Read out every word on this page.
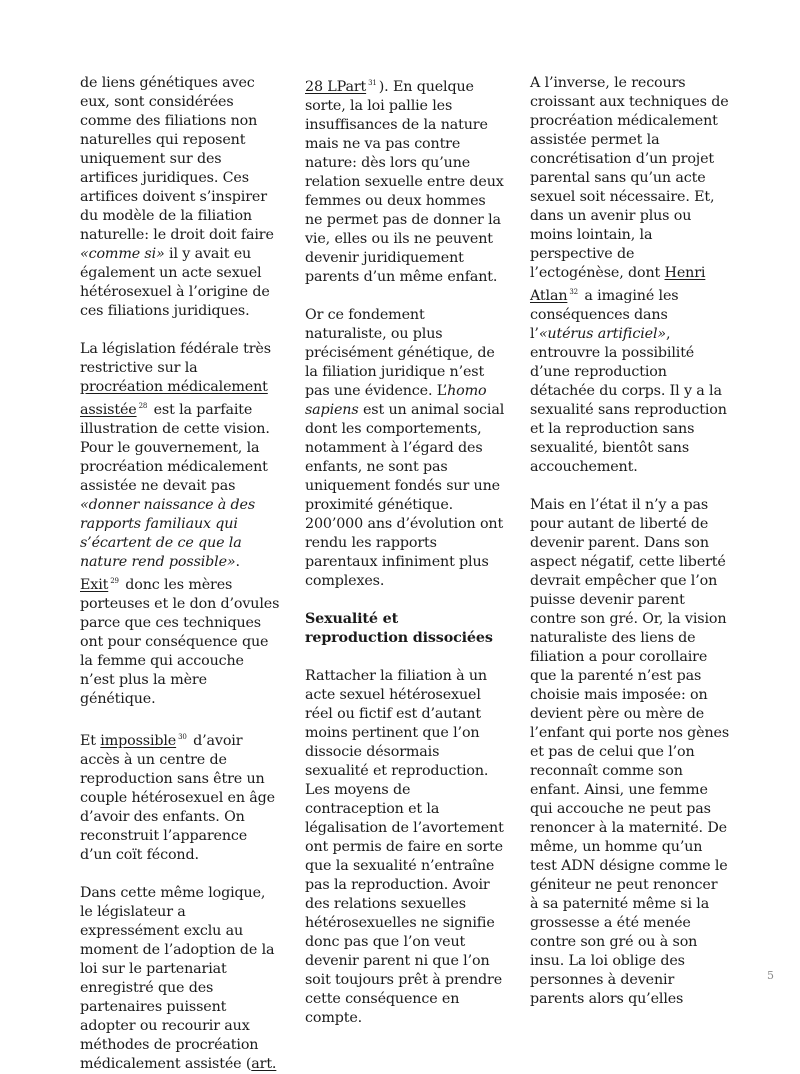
de liens génétiques avec eux, sont considérées comme des filiations non naturelles qui reposent uniquement sur des artifices juridiques. Ces artifices doivent s’inspirer du modèle de la filiation naturelle: le droit doit faire «comme si» il y avait eu également un acte sexuel hétérosexuel à l’origine de ces filiations juridiques.

La législation fédérale très restrictive sur la procréation médicalement assistée $^{28}$ est la parfaite illustration de cette vision. Pour le gouvernement, la procréation médicalement assistée ne devait pas «donner naissance à des rapports familiaux qui s’écartent de ce que la nature rend possible». Exit $^{29}$ donc les mères porteuses et le don d’ovules parce que ces techniques ont pour conséquence que la femme qui accouche n’est plus la mère génétique.

Et impossible $^{30}$ d’avoir accès à un centre de reproduction sans être un couple hétérosexuel en âge d’avoir des enfants. On reconstruit l’apparence d’un coït fécond.

Dans cette même logique, le législateur a expressément exclu au moment de l’adoption de la loi sur le partenariat enregistré que des partenaires puissent adopter ou recourir aux méthodes de procréation médicalement assistée (art.

28 LPart $^{31}$ ). En quelque sorte, la loi pallie les insuffisances de la nature mais ne va pas contre nature: dès lors qu’une relation sexuelle entre deux femmes ou deux hommes ne permet pas de donner la vie, elles ou ils ne peuvent devenir juridiquement parents d’un même enfant.

Or ce fondement naturaliste, ou plus précisément génétique, de la filiation juridique n’est pas une évidence. L’homo sapiens est un animal social dont les comportements, notamment à l’égard des enfants, ne sont pas uniquement fondés sur une proximité génétique. 200’000 ans d’évolution ont rendu les rapports parentaux infiniment plus complexes.

Sexualité et reproduction dissociées

Rattacher la filiation à un acte sexuel hétérosexuel réel ou fictif est d’autant moins pertinent que l’on dissocie désormais sexualité et reproduction. Les moyens de contraception et la légalisation de l’avortement ont permis de faire en sorte que la sexualité n’entraîne pas la reproduction. Avoir des relations sexuelles hétérosexuelles ne signifie donc pas que l’on veut devenir parent ni que l’on soit toujours prêt à prendre cette conséquence en compte.

A l’inverse, le recours croissant aux techniques de procréation médicalement assistée permet la concrétisation d’un projet parental sans qu’un acte sexuel soit nécessaire. Et, dans un avenir plus ou moins lointain, la perspective de l’ectogénèse, dont Henri Atlan $^{32}$ a imaginé les conséquences dans l’«utérus artificiel», entrouvre la possibilité d’une reproduction détachée du corps. Il y a la sexualité sans reproduction et la reproduction sans sexualité, bientôt sans accouchement.

Mais en l’état il n’y a pas pour autant de liberté de devenir parent. Dans son aspect négatif, cette liberté devrait empêcher que l’on puisse devenir parent contre son gré. Or, la vision naturaliste des liens de filiation a pour corollaire que la parenté n’est pas choisie mais imposée: on devient père ou mère de l’enfant qui porte nos gènes et pas de celui que l’on reconnaît comme son enfant. Ainsi, une femme qui accouche ne peut pas renoncer à la maternité. De même, un homme qu’un test ADN désigne comme le géniteur ne peut renoncer à sa paternité même si la grossesse a été menée contre son gré ou à son insu. La loi oblige des personnes à devenir parents alors qu’elles

5
